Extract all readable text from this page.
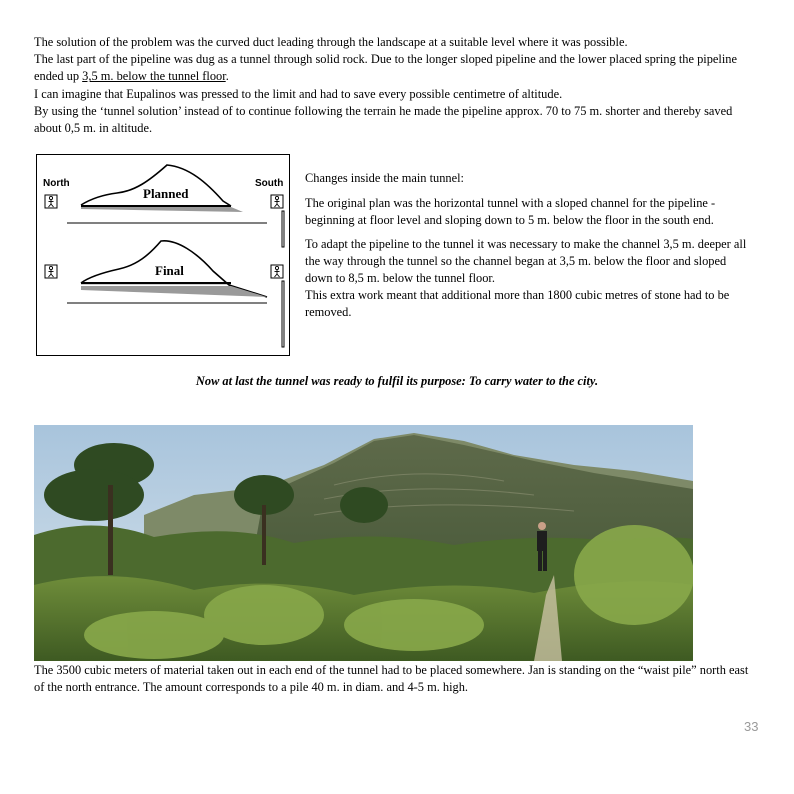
The solution of the problem was the curved duct leading through the landscape at a suitable level where it was possible.

The last part of the pipeline was dug as a tunnel through solid rock. Due to the longer sloped pipeline and the lower placed spring the pipeline ended up 3,5 m. below the tunnel floor.

I can imagine that Eupalinos was pressed to the limit and had to save every possible centimetre of altitude.

By using the ‘tunnel solution’ instead of to continue following the terrain he made the pipeline approx. 70 to 75 m. shorter and thereby saved about 0,5 m. in altitude.

North	South
Planned
Final

Changes inside the main tunnel:

The original plan was the horizontal tunnel with a sloped channel for the pipeline - beginning at floor level and sloping down to 5 m. below the floor in the south end.

To adapt the pipeline to the tunnel it was necessary to make the channel 3,5 m. deeper all the way through the tunnel so the channel began at 3,5 m. below the floor and sloped down to 8,5 m. below the tunnel floor.
This extra work meant that additional more than 1800 cubic metres of stone had to be removed.

Now at last the tunnel was ready to fulfil its purpose: To carry water to the city.

The 3500 cubic meters of material taken out in each end of the tunnel had to be placed somewhere. Jan is standing on the “waist pile” north east of the north entrance. The amount corresponds to a pile 40 m. in diam. and 4-5 m. high.

33
